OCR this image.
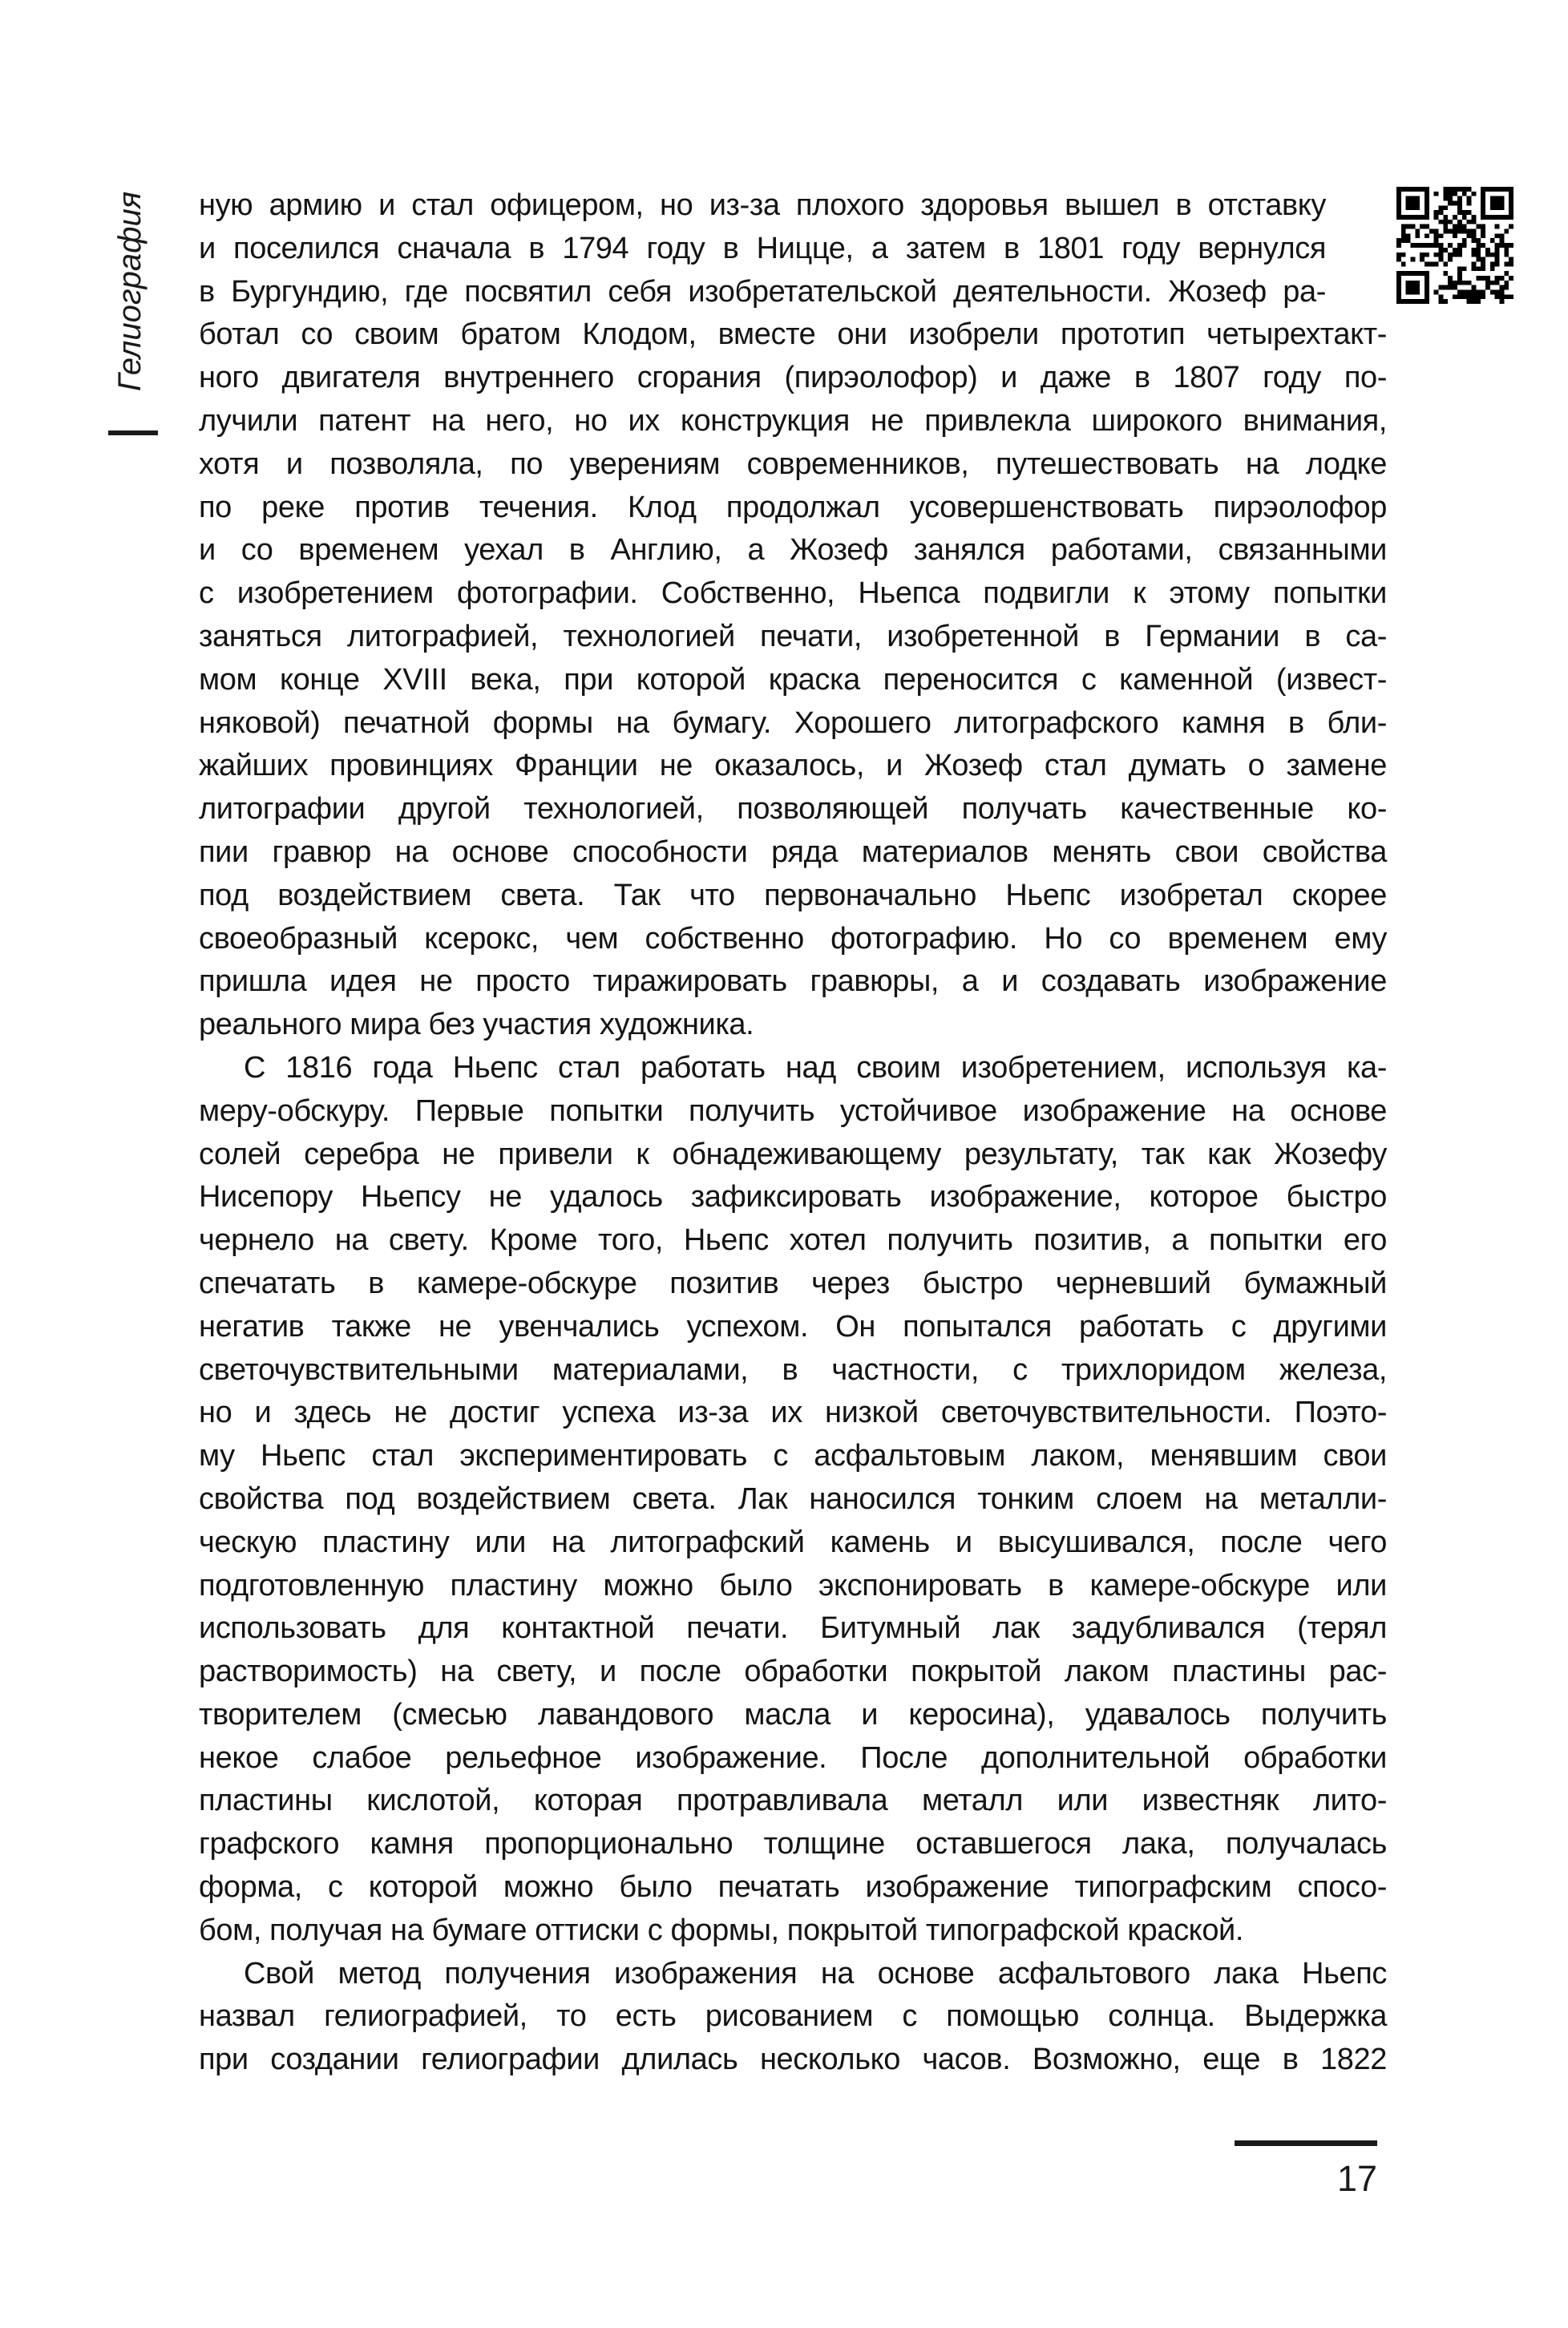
Гелиография ную армию и стал офицером, но из-за плохого здоровья вышел в отставку
и поселился сначала в 1794 году в Ницце, а затем в 1801 году вернулся
в Бургундию, где посвятил себя изобретательской деятельности. Жозеф ра-
ботал со своим братом Клодом, вместе они изобрели прототип четырехтакт-
ного двигателя внутреннего сгорания (пирэолофор) и даже в 1807 году по-
лучили патент на него, но их конструкция не привлекла широкого внимания,
хотя и позволяла, по уверениям современников, путешествовать на лодке
по реке против течения. Клод продолжал усовершенствовать пирэолофор
и со временем уехал в Англию, а Жозеф занялся работами, связанными
с изобретением фотографии. Собственно, Ньепса подвигли к этому попытки
заняться литографией, технологией печати, изобретенной в Германии в са-
мом конце XVIII века, при которой краска переносится с каменной (извест-
няковой) печатной формы на бумагу. Хорошего литографского камня в бли-
жайших провинциях Франции не оказалось, и Жозеф стал думать о замене
литографии другой технологией, позволяющей получать качественные ко-
пии гравюр на основе способности ряда материалов менять свои свойства
под воздействием света. Так что первоначально Ньепс изобретал скорее
своеобразный ксерокс, чем собственно фотографию. Но со временем ему
пришла идея не просто тиражировать гравюры, а и создавать изображение
реального мира без участия художника.
С 1816 года Ньепс стал работать над своим изобретением, используя ка-
меру-обскуру. Первые попытки получить устойчивое изображение на основе
солей серебра не привели к обнадеживающему результату, так как Жозефу
Нисепору Ньепсу не удалось зафиксировать изображение, которое быстро
чернело на свету. Кроме того, Ньепс хотел получить позитив, а попытки его
спечатать в камере-обскуре позитив через быстро черневший бумажный
негатив также не увенчались успехом. Он попытался работать с другими
светочувствительными материалами, в частности, с трихлоридом железа,
но и здесь не достиг успеха из-за их низкой светочувствительности. Поэто-
му Ньепс стал экспериментировать с асфальтовым лаком, менявшим свои
свойства под воздействием света. Лак наносился тонким слоем на металли-
ческую пластину или на литографский камень и высушивался, после чего
подготовленную пластину можно было экспонировать в камере-обскуре или
использовать для контактной печати. Битумный лак задубливался (терял
растворимость) на свету, и после обработки покрытой лаком пластины рас-
творителем (смесью лавандового масла и керосина), удавалось получить
некое слабое рельефное изображение. После дополнительной обработки
пластины кислотой, которая протравливала металл или известняк лито-
графского камня пропорционально толщине оставшегося лака, получалась
форма, с которой можно было печатать изображение типографским спосо-
бом, получая на бумаге оттиски с формы, покрытой типографской краской.
Свой метод получения изображения на основе асфальтового лака Ньепс
назвал гелиографией, то есть рисованием с помощью солнца. Выдержка
при создании гелиографии длилась несколько часов. Возможно, еще в 1822
17
